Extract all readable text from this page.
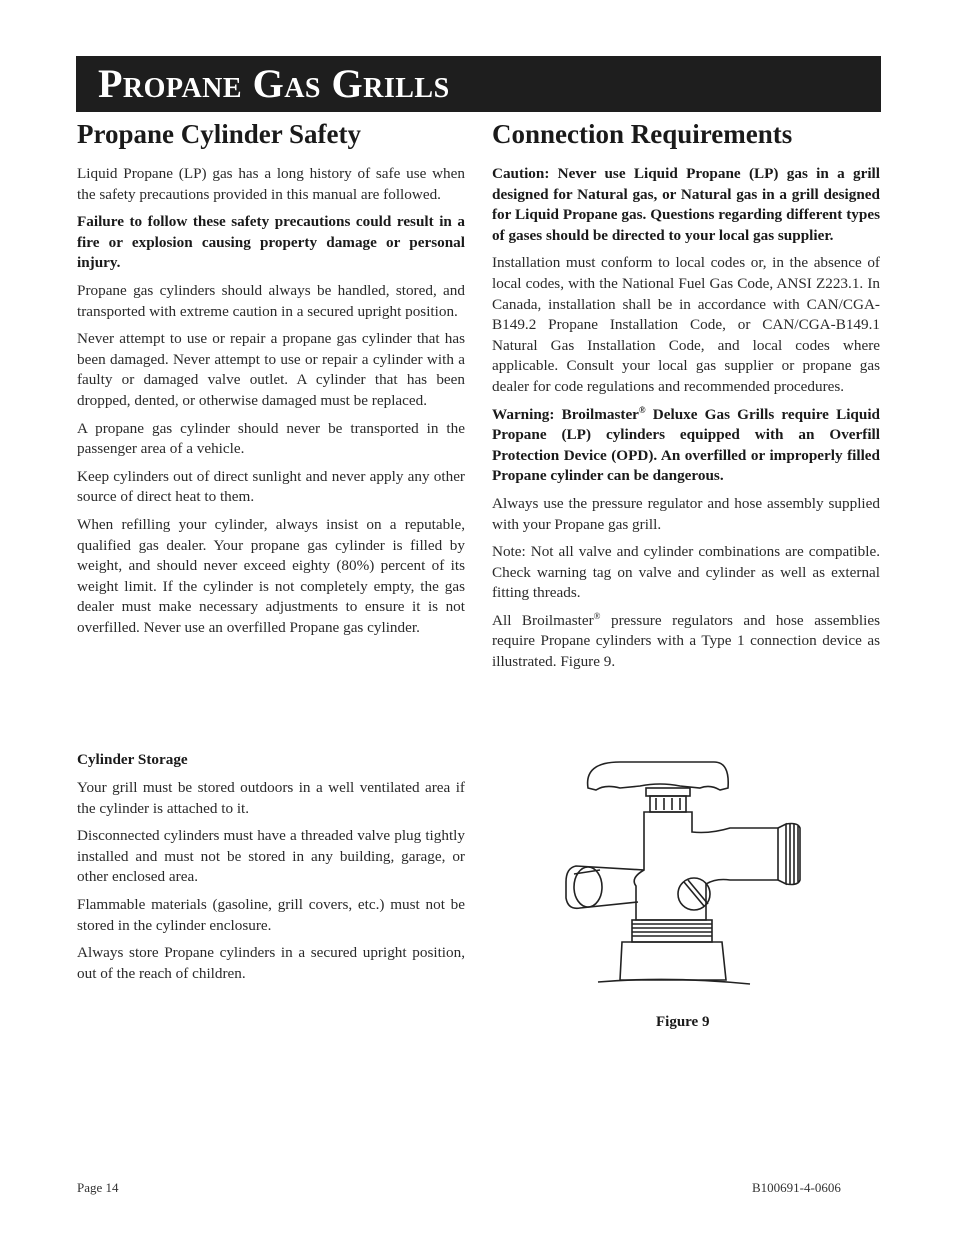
Propane Gas Grills
Propane Cylinder Safety

Liquid Propane (LP) gas has a long history of safe use when the safety precautions provided in this manual are followed.

Failure to follow these safety precautions could result in a fire or explosion causing property damage or personal injury.

Propane gas cylinders should always be handled, stored, and transported with extreme caution in a secured upright position.

Never attempt to use or repair a propane gas cylinder that has been damaged. Never attempt to use or repair a cylinder with a faulty or damaged valve outlet. A cylinder that has been dropped, dented, or otherwise damaged must be replaced.

A propane gas cylinder should never be transported in the passenger area of a vehicle.

Keep cylinders out of direct sunlight and never apply any other source of direct heat to them.

When refilling your cylinder, always insist on a reputable, qualified gas dealer. Your propane gas cylinder is filled by weight, and should never exceed eighty (80%) percent of its weight limit. If the cylinder is not completely empty, the gas dealer must make necessary adjustments to ensure it is not overfilled. Never use an overfilled Propane gas cylinder.

Cylinder Storage

Your grill must be stored outdoors in a well ventilated area if the cylinder is attached to it.

Disconnected cylinders must have a threaded valve plug tightly installed and must not be stored in any building, garage, or other enclosed area.

Flammable materials (gasoline, grill covers, etc.) must not be stored in the cylinder enclosure.

Always store Propane cylinders in a secured upright position, out of the reach of children.

Connection Requirements

Caution: Never use Liquid Propane (LP) gas in a grill designed for Natural gas, or Natural gas in a grill designed for Liquid Propane gas. Questions regarding different types of gases should be directed to your local gas supplier.

Installation must conform to local codes or, in the absence of local codes, with the National Fuel Gas Code, ANSI Z223.1. In Canada, installation shall be in accordance with CAN/CGA-B149.2 Propane Installation Code, or CAN/CGA-B149.1 Natural Gas Installation Code, and local codes where applicable. Consult your local gas supplier or propane gas dealer for code regulations and recommended procedures.

Warning: Broilmaster® Deluxe Gas Grills require Liquid Propane (LP) cylinders equipped with an Overfill Protection Device (OPD). An overfilled or improperly filled Propane cylinder can be dangerous.

Always use the pressure regulator and hose assembly supplied with your Propane gas grill.

Note: Not all valve and cylinder combinations are compatible. Check warning tag on valve and cylinder as well as external fitting threads.

All Broilmaster® pressure regulators and hose assemblies require Propane cylinders with a Type 1 connection device as illustrated. Figure 9.

Figure 9
Page 14	B100691-4-0606
